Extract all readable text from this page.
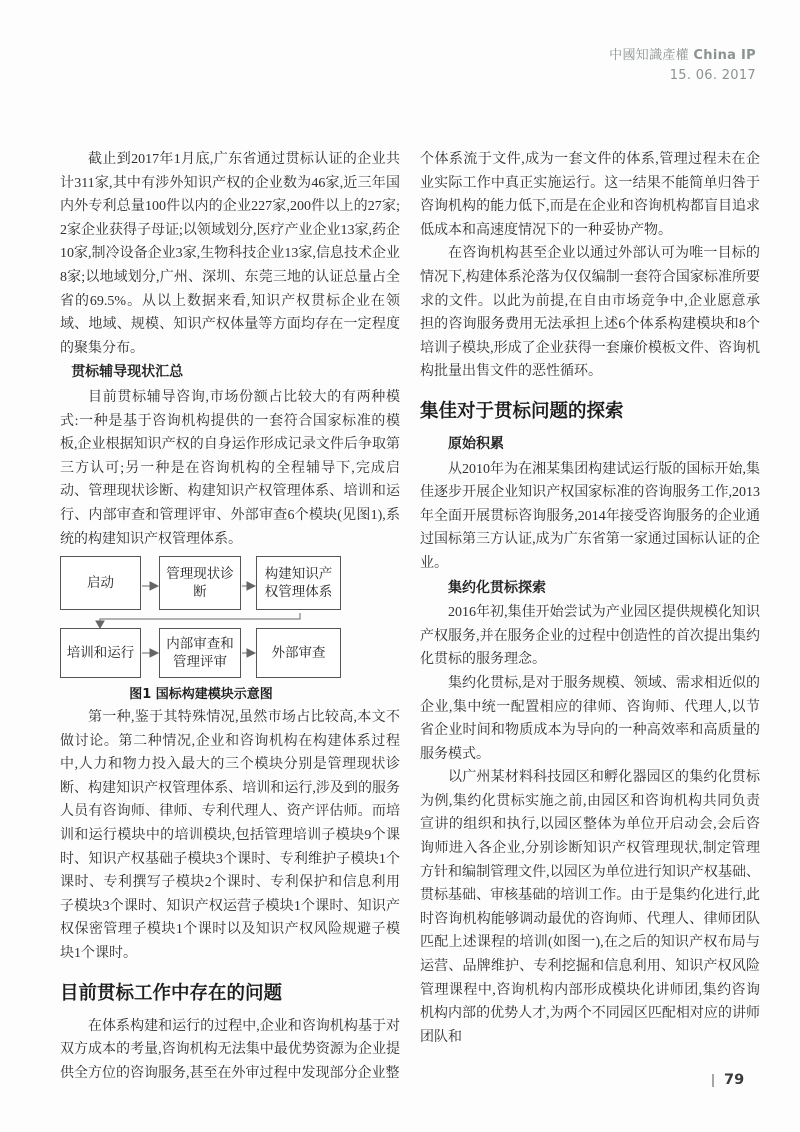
中國知識產權 China IP
15. 06. 2017

截止到2017年1月底,广东省通过贯标认证的企业共计311家,其中有涉外知识产权的企业数为46家,近三年国内外专利总量100件以内的企业227家,200件以上的27家; 2家企业获得子母证;以领域划分,医疗产业企业13家,药企10家,制冷设备企业3家,生物科技企业13家,信息技术企业8家;以地域划分,广州、深圳、东莞三地的认证总量占全省的69.5%。从以上数据来看,知识产权贯标企业在领域、地域、规模、知识产权体量等方面均存在一定程度的聚集分布。

贯标辅导现状汇总

目前贯标辅导咨询,市场份额占比较大的有两种模式:一种是基于咨询机构提供的一套符合国家标准的模板,企业根据知识产权的自身运作形成记录文件后争取第三方认可;另一种是在咨询机构的全程辅导下,完成启动、管理现状诊断、构建知识产权管理体系、培训和运行、内部审查和管理评审、外部审查6个模块(见图1),系统的构建知识产权管理体系。

启动
管理现状诊断
构建知识产权管理体系
培训和运行
内部审查和管理评审
外部审查
图1 国标构建模块示意图

第一种,鉴于其特殊情况,虽然市场占比较高,本文不做讨论。第二种情况,企业和咨询机构在构建体系过程中,人力和物力投入最大的三个模块分别是管理现状诊断、构建知识产权管理体系、培训和运行,涉及到的服务人员有咨询师、律师、专利代理人、资产评估师。而培训和运行模块中的培训模块,包括管理培训子模块9个课时、知识产权基础子模块3个课时、专利维护子模块1个课时、专利撰写子模块2个课时、专利保护和信息利用子模块3个课时、知识产权运营子模块1个课时、知识产权保密管理子模块1个课时以及知识产权风险规避子模块1个课时。

目前贯标工作中存在的问题

在体系构建和运行的过程中,企业和咨询机构基于对双方成本的考量,咨询机构无法集中最优势资源为企业提供全方位的咨询服务,甚至在外审过程中发现部分企业整

个体系流于文件,成为一套文件的体系,管理过程未在企业实际工作中真正实施运行。这一结果不能简单归咎于咨询机构的能力低下,而是在企业和咨询机构都盲目追求低成本和高速度情况下的一种妥协产物。

在咨询机构甚至企业以通过外部认可为唯一目标的情况下,构建体系沦落为仅仅编制一套符合国家标准所要求的文件。以此为前提,在自由市场竞争中,企业愿意承担的咨询服务费用无法承担上述6个体系构建模块和8个培训子模块,形成了企业获得一套廉价模板文件、咨询机构批量出售文件的恶性循环。

集佳对于贯标问题的探索
原始积累

从2010年为在湘某集团构建试运行版的国标开始,集佳逐步开展企业知识产权国家标准的咨询服务工作,2013年全面开展贯标咨询服务,2014年接受咨询服务的企业通过国标第三方认证,成为广东省第一家通过国标认证的企业。

集约化贯标探索

2016年初,集佳开始尝试为产业园区提供规模化知识产权服务,并在服务企业的过程中创造性的首次提出集约化贯标的服务理念。

集约化贯标,是对于服务规模、领域、需求相近似的企业,集中统一配置相应的律师、咨询师、代理人,以节省企业时间和物质成本为导向的一种高效率和高质量的服务模式。

以广州某材料科技园区和孵化器园区的集约化贯标为例,集约化贯标实施之前,由园区和咨询机构共同负责宣讲的组织和执行,以园区整体为单位开启动会,会后咨询师进入各企业,分别诊断知识产权管理现状,制定管理方针和编制管理文件,以园区为单位进行知识产权基础、贯标基础、审核基础的培训工作。由于是集约化进行,此时咨询机构能够调动最优的咨询师、代理人、律师团队匹配上述课程的培训(如图一),在之后的知识产权布局与运营、品牌维护、专利挖掘和信息利用、知识产权风险管理课程中,咨询机构内部形成模块化讲师团,集约咨询机构内部的优势人才,为两个不同园区匹配相对应的讲师团队和

79
